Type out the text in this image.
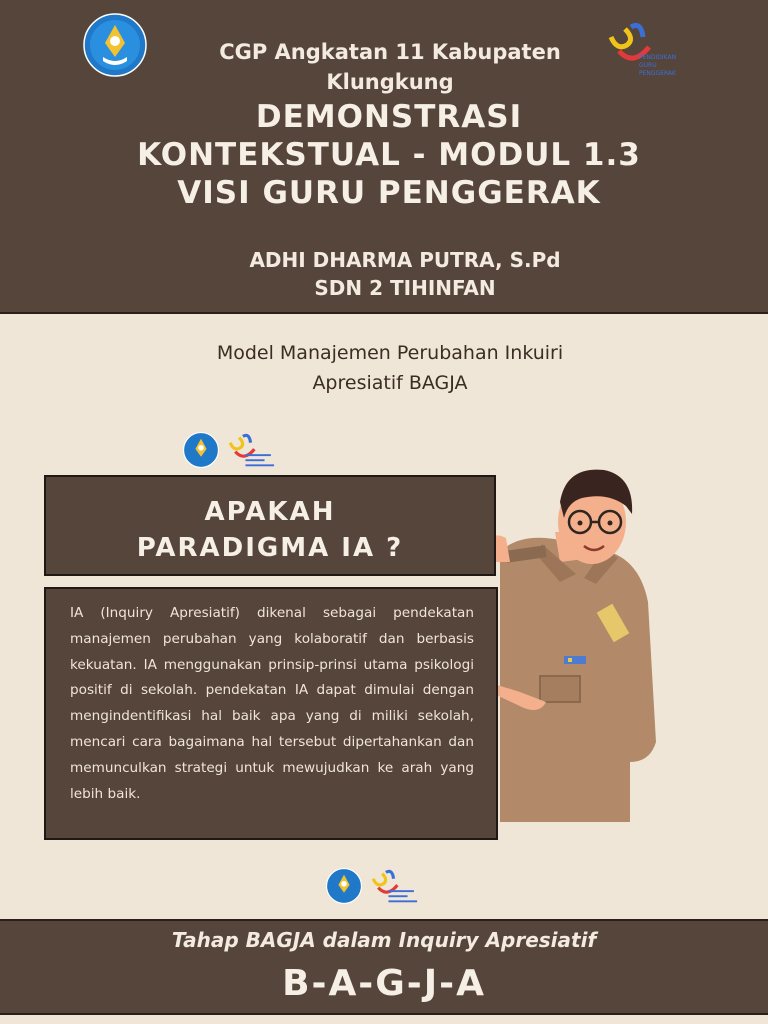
PENDIDIKAN
GURU
PENGGERAK
CGP Angkatan 11 Kabupaten
Klungkung
DEMONSTRASI
KONTEKSTUAL - MODUL 1.3
VISI GURU PENGGERAK
ADHI DHARMA PUTRA, S.Pd
SDN 2 TIHINFAN
Model Manajemen Perubahan Inkuiri
Apresiatif BAGJA
APAKAH
PARADIGMA IA ?
IA (Inquiry Apresiatif) dikenal sebagai pendekatan manajemen perubahan yang kolaboratif dan berbasis kekuatan. IA menggunakan prinsip-prinsi utama psikologi positif di sekolah. pendekatan IA dapat dimulai dengan mengindentifikasi hal baik apa yang di miliki sekolah, mencari cara bagaimana hal tersebut dipertahankan dan memunculkan strategi untuk mewujudkan ke arah yang lebih baik.
Tahap BAGJA dalam Inquiry Apresiatif
B-A-G-J-A
